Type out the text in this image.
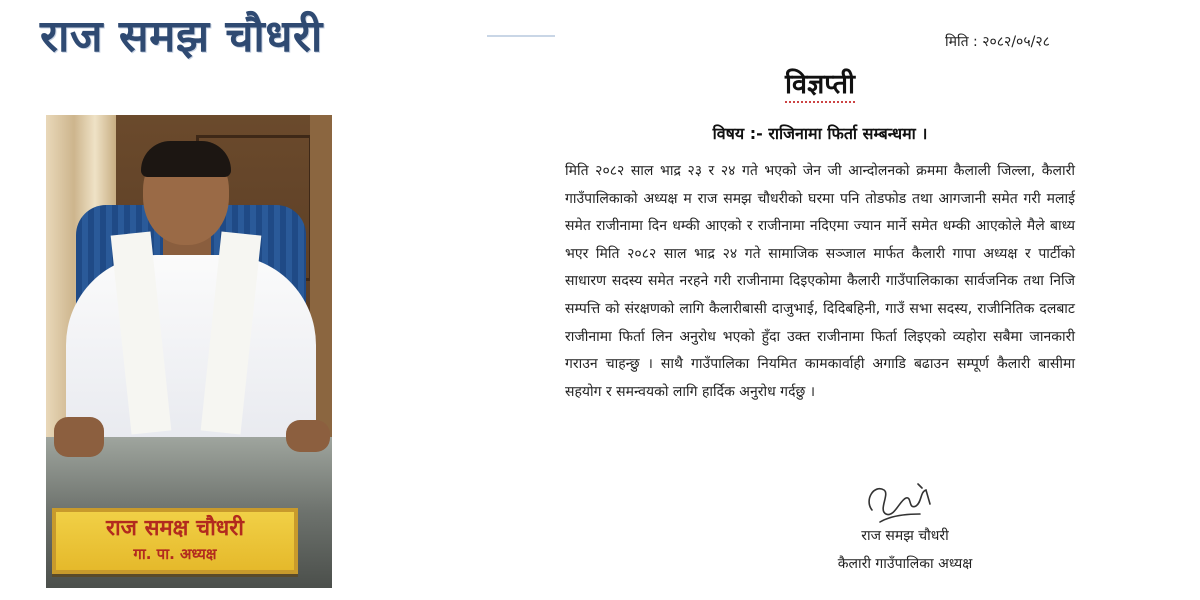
राज समझ चौधरी
राज समक्ष चौधरी
गा. पा. अध्यक्ष
मिति : २०८२/०५/२८
विज्ञप्ती
विषय :- राजिनामा फिर्ता सम्बन्धमा ।
मिति २०८२ साल भाद्र २३ र २४ गते भएको जेन जी आन्दोलनको क्रममा कैलाली जिल्ला, कैलारी गाउँपालिकाको अध्यक्ष म राज समझ चौधरीको घरमा पनि तोडफोड तथा आगजानी समेत गरी मलाई समेत राजीनामा दिन धम्की आएको र राजीनामा नदिएमा ज्यान मार्ने समेत धम्की आएकोले मैले बाध्य भएर मिति २०८२ साल भाद्र २४ गते सामाजिक सञ्जाल मार्फत कैलारी गापा अध्यक्ष र पार्टीको साधारण सदस्य समेत नरहने गरी राजीनामा दिइएकोमा कैलारी गाउँपालिकाका सार्वजनिक तथा निजि सम्पत्ति को संरक्षणको लागि कैलारीबासी दाजुभाई, दिदिबहिनी, गाउँ सभा सदस्य, राजीनितिक दलबाट राजीनामा फिर्ता लिन अनुरोध भएको हुँदा उक्त राजीनामा फिर्ता लिइएको व्यहोरा सबैमा जानकारी गराउन चाहन्छु । साथै गाउँपालिका नियमित कामकार्वाही अगाडि बढाउन सम्पूर्ण कैलारी बासीमा सहयोग र समन्वयको लागि हार्दिक अनुरोध गर्दछु ।
राज समझ चौधरी
कैलारी गाउँपालिका अध्यक्ष
